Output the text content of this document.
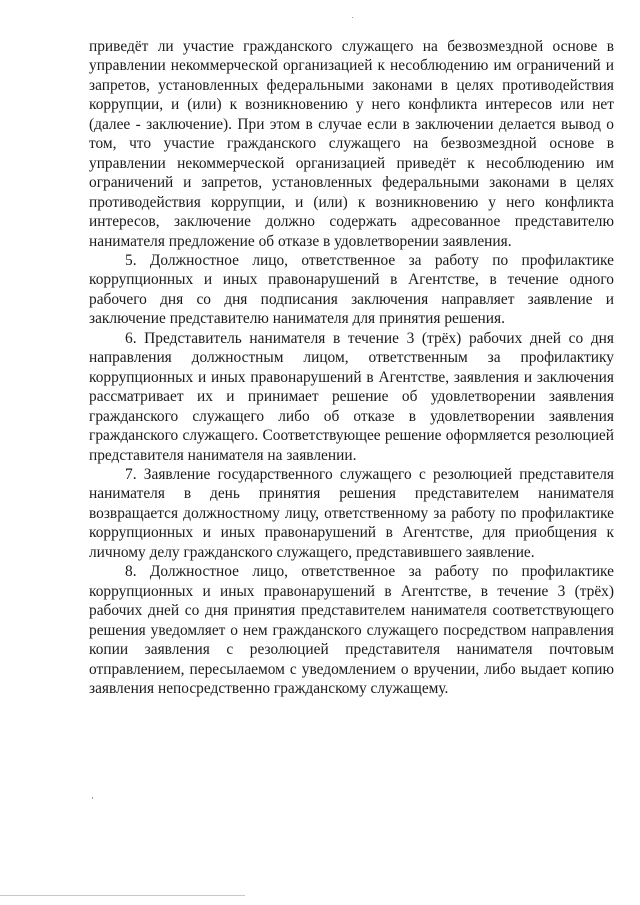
приведёт ли участие гражданского служащего на безвозмездной основе в управлении некоммерческой организацией к несоблюдению им ограничений и запретов, установленных федеральными законами в целях противодействия коррупции, и (или) к возникновению у него конфликта интересов или нет (далее - заключение). При этом в случае если в заключении делается вывод о том, что участие гражданского служащего на безвозмездной основе в управлении некоммерческой организацией приведёт к несоблюдению им ограничений и запретов, установленных федеральными законами в целях противодействия коррупции, и (или) к возникновению у него конфликта интересов, заключение должно содержать адресованное представителю нанимателя предложение об отказе в удовлетворении заявления.

5. Должностное лицо, ответственное за работу по профилактике коррупционных и иных правонарушений в Агентстве, в течение одного рабочего дня со дня подписания заключения направляет заявление и заключение представителю нанимателя для принятия решения.

6. Представитель нанимателя в течение 3 (трёх) рабочих дней со дня направления должностным лицом, ответственным за профилактику коррупционных и иных правонарушений в Агентстве, заявления и заключения рассматривает их и принимает решение об удовлетворении заявления гражданского служащего либо об отказе в удовлетворении заявления гражданского служащего. Соответствующее решение оформляется резолюцией представителя нанимателя на заявлении.

7. Заявление государственного служащего с резолюцией представителя нанимателя в день принятия решения представителем нанимателя возвращается должностному лицу, ответственному за работу по профилактике коррупционных и иных правонарушений в Агентстве, для приобщения к личному делу гражданского служащего, представившего заявление.

8. Должностное лицо, ответственное за работу по профилактике коррупционных и иных правонарушений в Агентстве, в течение 3 (трёх) рабочих дней со дня принятия представителем нанимателя соответствующего решения уведомляет о нем гражданского служащего посредством направления копии заявления с резолюцией представителя нанимателя почтовым отправлением, пересылаемом с уведомлением о вручении, либо выдает копию заявления непосредственно гражданскому служащему.
